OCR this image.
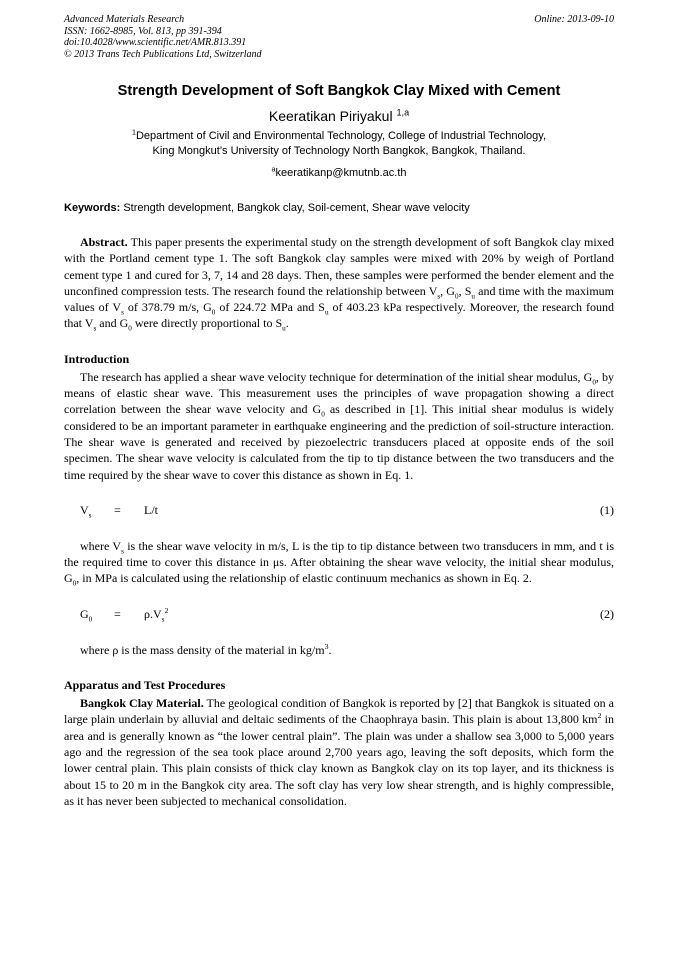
Advanced Materials Research
ISSN: 1662-8985, Vol. 813, pp 391-394
doi:10.4028/www.scientific.net/AMR.813.391
© 2013 Trans Tech Publications Ltd, Switzerland
Online: 2013-09-10
Strength Development of Soft Bangkok Clay Mixed with Cement
Keeratikan Piriyakul $^{1,a}$
$^1$Department of Civil and Environmental Technology, College of Industrial Technology,
King Mongkut’s University of Technology North Bangkok, Bangkok, Thailand.
$^a$keeratikanp@kmutnb.ac.th
Keywords: Strength development, Bangkok clay, Soil-cement, Shear wave velocity

Abstract. This paper presents the experimental study on the strength development of soft Bangkok clay mixed with the Portland cement type 1. The soft Bangkok clay samples were mixed with 20% by weigh of Portland cement type 1 and cured for 3, 7, 14 and 28 days. Then, these samples were performed the bender element and the unconfined compression tests. The research found the relationship between $V_s$, $G_0$, $S_u$ and time with the maximum values of $V_s$ of 378.79 m/s, $G_0$ of 224.72 MPa and $S_u$ of 403.23 kPa respectively. Moreover, the research found that $V_s$ and $G_0$ were directly proportional to $S_u$.

Introduction

The research has applied a shear wave velocity technique for determination of the initial shear modulus, $G_0$, by means of elastic shear wave. This measurement uses the principles of wave propagation showing a direct correlation between the shear wave velocity and $G_0$ as described in [1]. This initial shear modulus is widely considered to be an important parameter in earthquake engineering and the prediction of soil-structure interaction. The shear wave is generated and received by piezoelectric transducers placed at opposite ends of the soil specimen. The shear wave velocity is calculated from the tip to tip distance between the two transducers and the time required by the shear wave to cover this distance as shown in Eq. 1.

$V_s = L/t$	(1)

where $V_s$ is the shear wave velocity in m/s, L is the tip to tip distance between two transducers in mm, and t is the required time to cover this distance in μs. After obtaining the shear wave velocity, the initial shear modulus, $G_0$, in MPa is calculated using the relationship of elastic continuum mechanics as shown in Eq. 2.

$G_0 = \rho.V_s^2$	(2)

where ρ is the mass density of the material in $kg/m^3$.

Apparatus and Test Procedures

Bangkok Clay Material. The geological condition of Bangkok is reported by [2] that Bangkok is situated on a large plain underlain by alluvial and deltaic sediments of the Chaophraya basin. This plain is about 13,800 $km^2$ in area and is generally known as “the lower central plain”. The plain was under a shallow sea 3,000 to 5,000 years ago and the regression of the sea took place around 2,700 years ago, leaving the soft deposits, which form the lower central plain. This plain consists of thick clay known as Bangkok clay on its top layer, and its thickness is about 15 to 20 m in the Bangkok city area. The soft clay has very low shear strength, and is highly compressible, as it has never been subjected to mechanical consolidation.
